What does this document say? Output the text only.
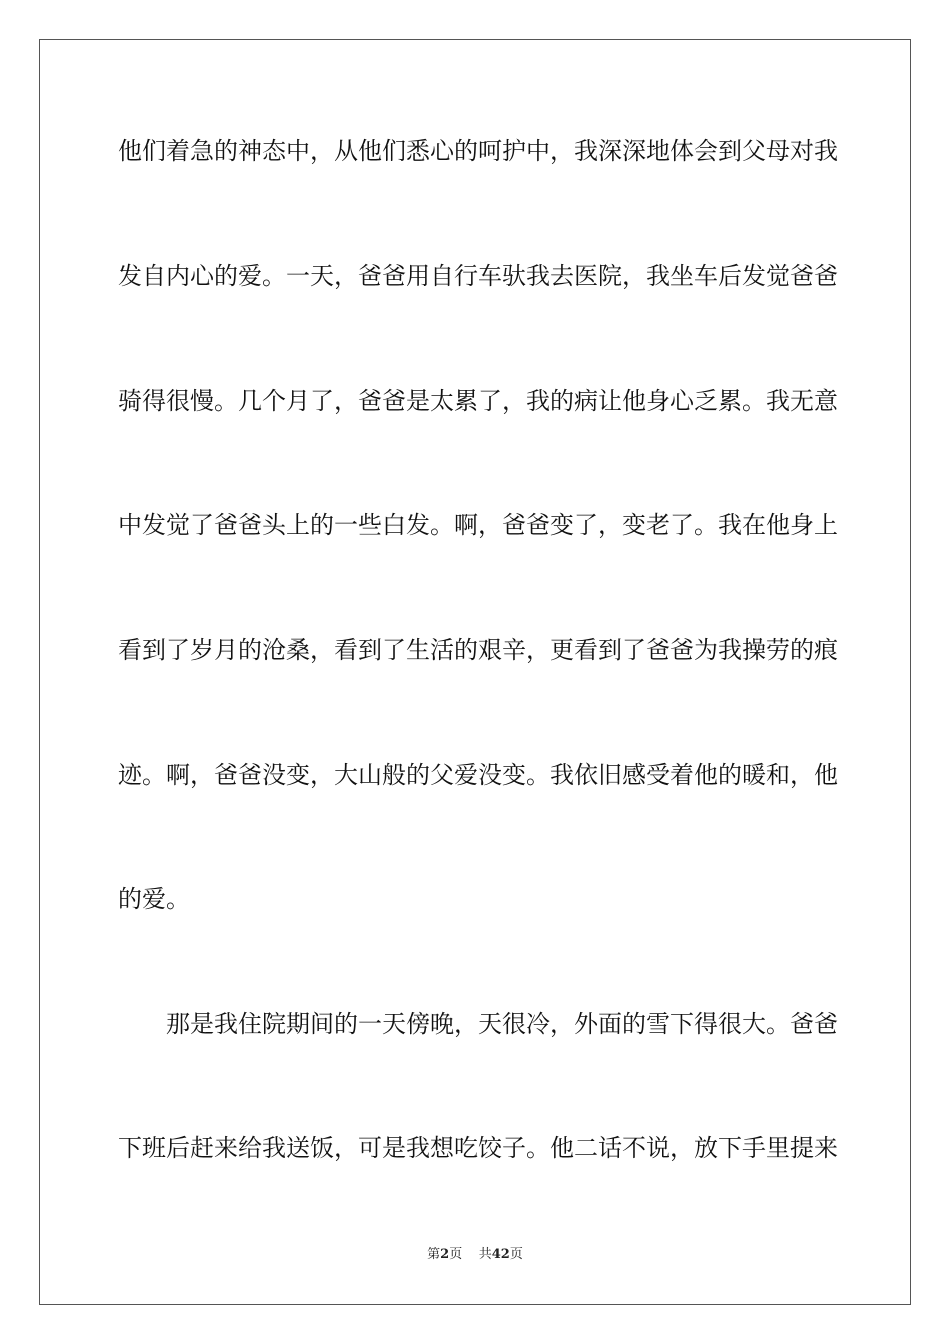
他们着急的神态中，从他们悉心的呵护中，我深深地体会到父母对我
发自内心的爱。一天，爸爸用自行车驮我去医院，我坐车后发觉爸爸
骑得很慢。几个月了，爸爸是太累了，我的病让他身心乏累。我无意
中发觉了爸爸头上的一些白发。啊，爸爸变了，变老了。我在他身上
看到了岁月的沧桑，看到了生活的艰辛，更看到了爸爸为我操劳的痕
迹。啊，爸爸没变，大山般的父爱没变。我依旧感受着他的暖和，他
的爱。
　　那是我住院期间的一天傍晚，天很冷，外面的雪下得很大。爸爸
下班后赶来给我送饭，可是我想吃饺子。他二话不说，放下手里提来
第2页 共42页
